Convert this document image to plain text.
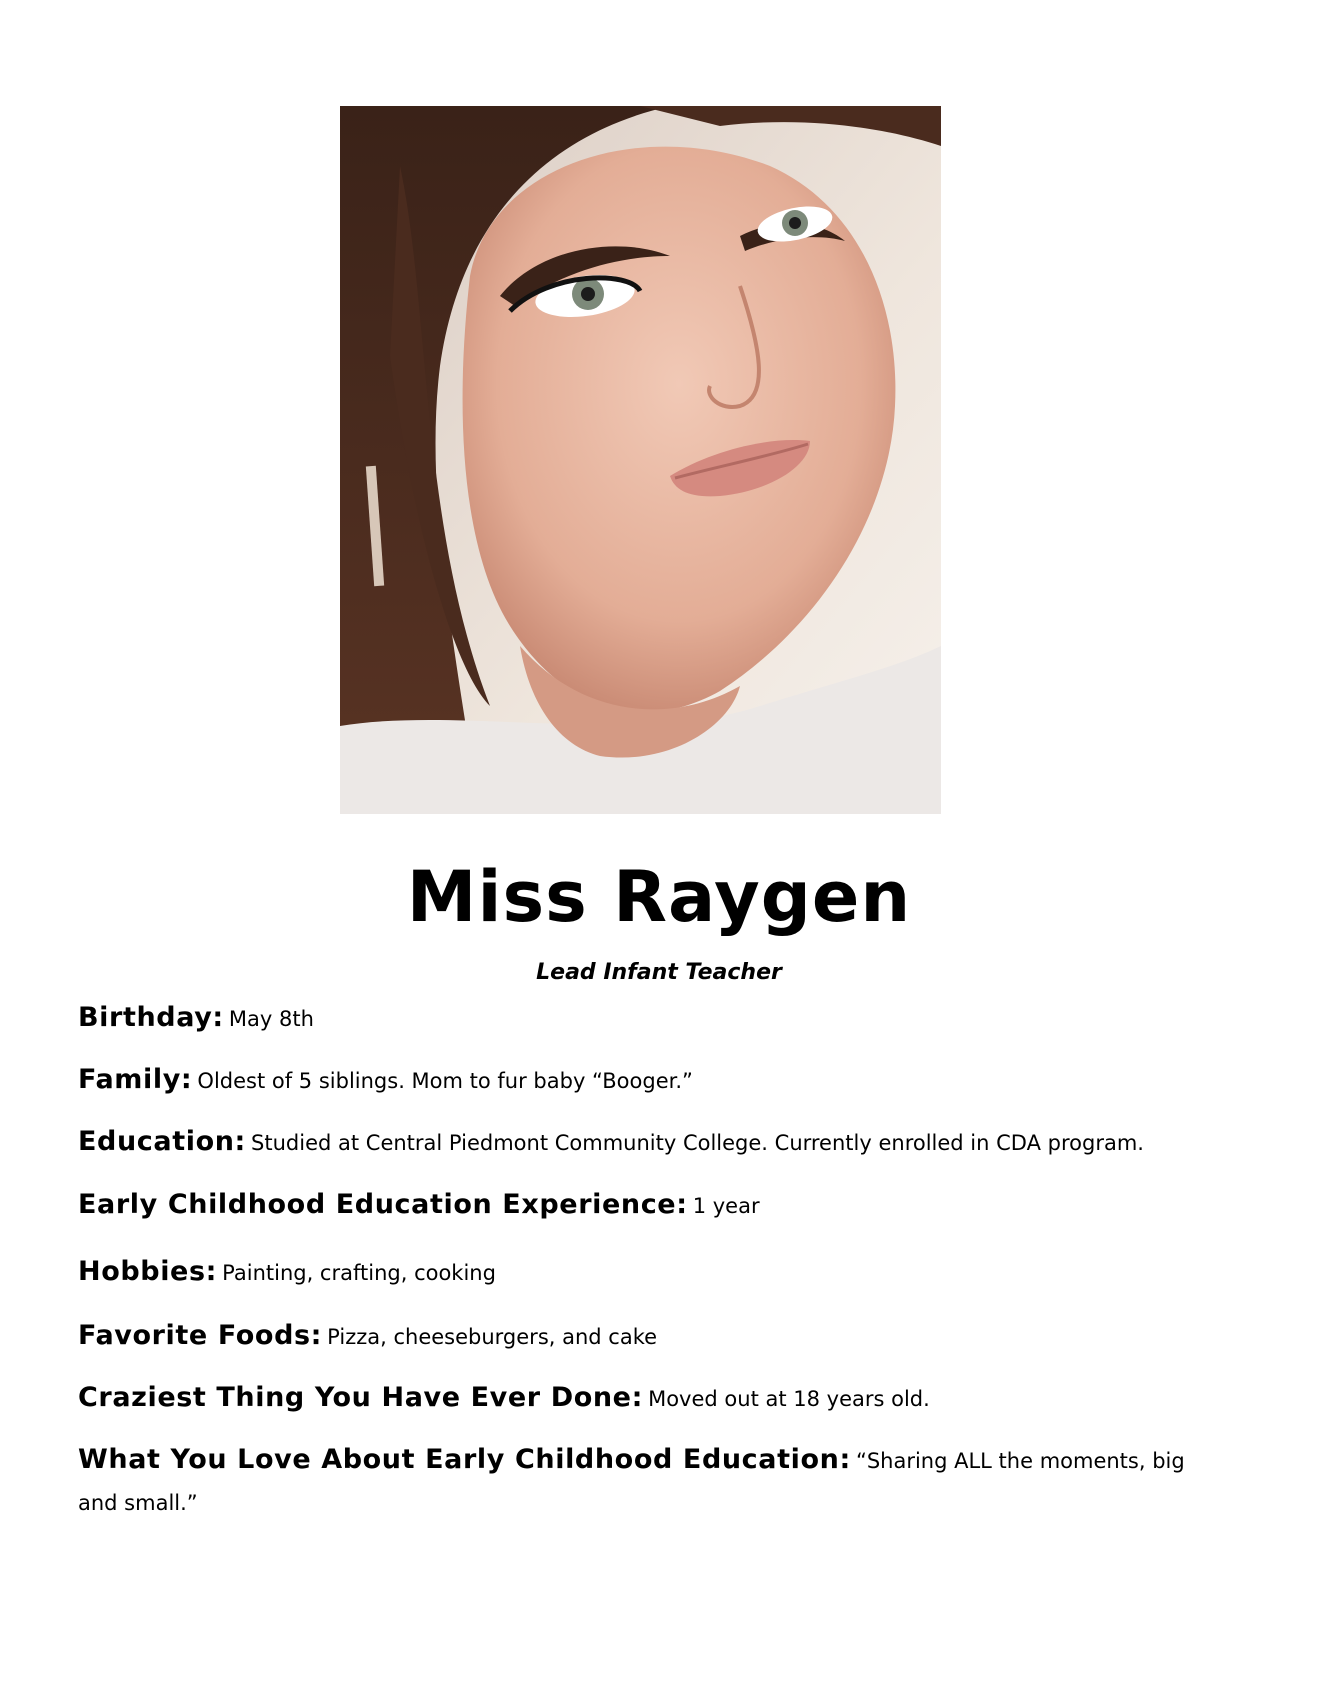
Miss Raygen
Lead Infant Teacher
Birthday: May 8th
Family: Oldest of 5 siblings. Mom to fur baby “Booger.”
Education: Studied at Central Piedmont Community College. Currently enrolled in CDA program.
Early Childhood Education Experience: 1 year
Hobbies: Painting, crafting, cooking
Favorite Foods: Pizza, cheeseburgers, and cake
Craziest Thing You Have Ever Done: Moved out at 18 years old.
What You Love About Early Childhood Education: “Sharing ALL the moments, big and small.”
